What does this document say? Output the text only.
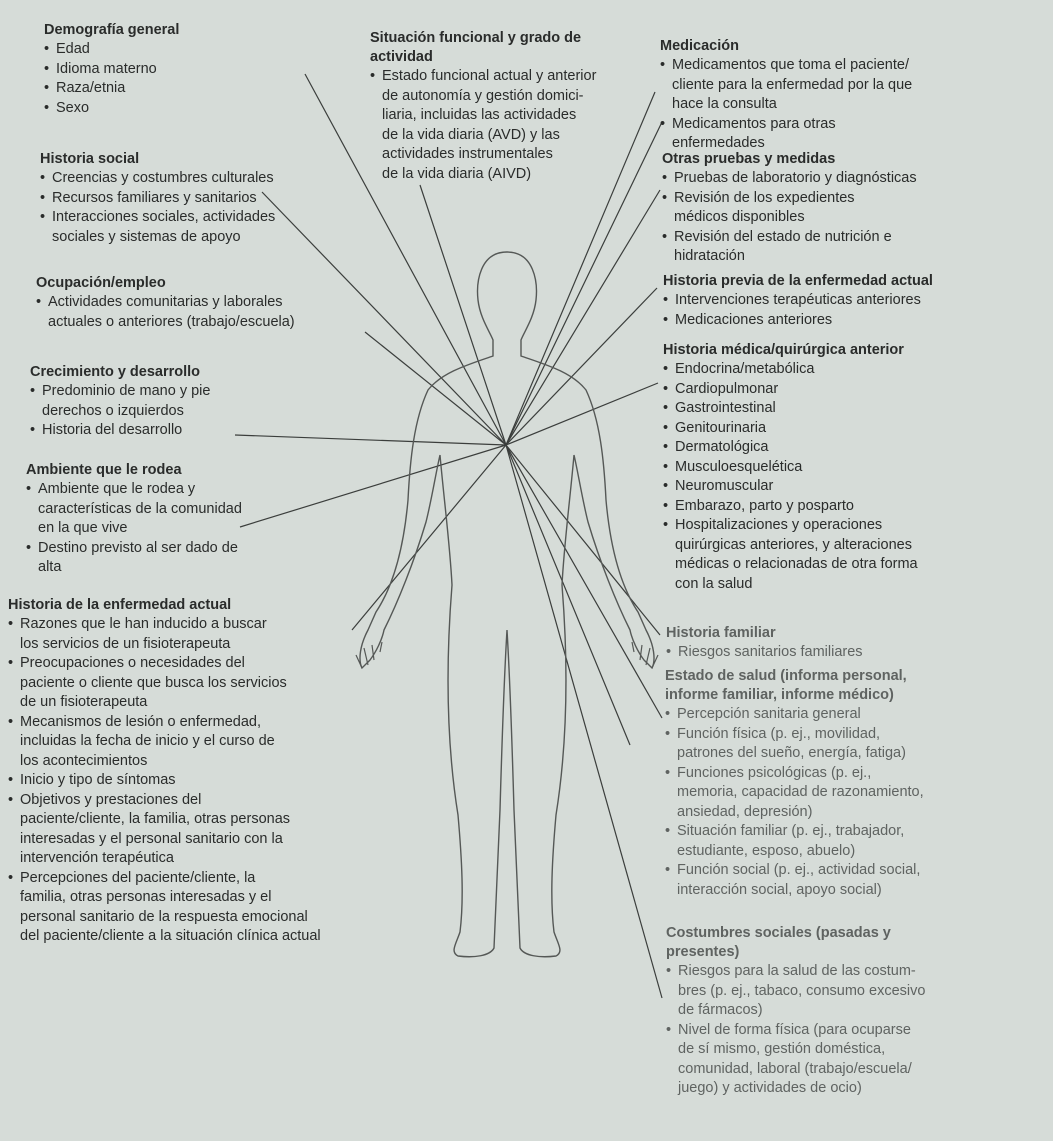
Demografía general
• Edad
• Idioma materno
• Raza/etnia
• Sexo
Historia social
• Creencias y costumbres culturales
• Recursos familiares y sanitarios
• Interacciones sociales, actividades
sociales y sistemas de apoyo
Ocupación/empleo
• Actividades comunitarias y laborales
actuales o anteriores (trabajo/escuela)
Crecimiento y desarrollo
• Predominio de mano y pie
derechos o izquierdos
• Historia del desarrollo
Ambiente que le rodea
• Ambiente que le rodea y
características de la comunidad
en la que vive
• Destino previsto al ser dado de
alta
Historia de la enfermedad actual
• Razones que le han inducido a buscar
los servicios de un fisioterapeuta
• Preocupaciones o necesidades del
paciente o cliente que busca los servicios
de un fisioterapeuta
• Mecanismos de lesión o enfermedad,
incluidas la fecha de inicio y el curso de
los acontecimientos
• Inicio y tipo de síntomas
• Objetivos y prestaciones del
paciente/cliente, la familia, otras personas
interesadas y el personal sanitario con la
intervención terapéutica
• Percepciones del paciente/cliente, la
familia, otras personas interesadas y el
personal sanitario de la respuesta emocional
del paciente/cliente a la situación clínica actual
Situación funcional y grado de
actividad
• Estado funcional actual y anterior
de autonomía y gestión domici-
liaria, incluidas las actividades
de la vida diaria (AVD) y las
actividades instrumentales
de la vida diaria (AIVD)
Medicación
• Medicamentos que toma el paciente/
cliente para la enfermedad por la que
hace la consulta
• Medicamentos para otras
enfermedades
Otras pruebas y medidas
• Pruebas de laboratorio y diagnósticas
• Revisión de los expedientes
médicos disponibles
• Revisión del estado de nutrición e
hidratación
Historia previa de la enfermedad actual
• Intervenciones terapéuticas anteriores
• Medicaciones anteriores
Historia médica/quirúrgica anterior
• Endocrina/metabólica
• Cardiopulmonar
• Gastrointestinal
• Genitourinaria
• Dermatológica
• Musculoesquelética
• Neuromuscular
• Embarazo, parto y posparto
• Hospitalizaciones y operaciones
quirúrgicas anteriores, y alteraciones
médicas o relacionadas de otra forma
con la salud
Historia familiar
• Riesgos sanitarios familiares
Estado de salud (informa personal,
informe familiar, informe médico)
• Percepción sanitaria general
• Función física (p. ej., movilidad,
patrones del sueño, energía, fatiga)
• Funciones psicológicas (p. ej.,
memoria, capacidad de razonamiento,
ansiedad, depresión)
• Situación familiar (p. ej., trabajador,
estudiante, esposo, abuelo)
• Función social (p. ej., actividad social,
interacción social, apoyo social)
Costumbres sociales (pasadas y
presentes)
• Riesgos para la salud de las costum-
bres (p. ej., tabaco, consumo excesivo
de fármacos)
• Nivel de forma física (para ocuparse
de sí mismo, gestión doméstica,
comunidad, laboral (trabajo/escuela/
juego) y actividades de ocio)
